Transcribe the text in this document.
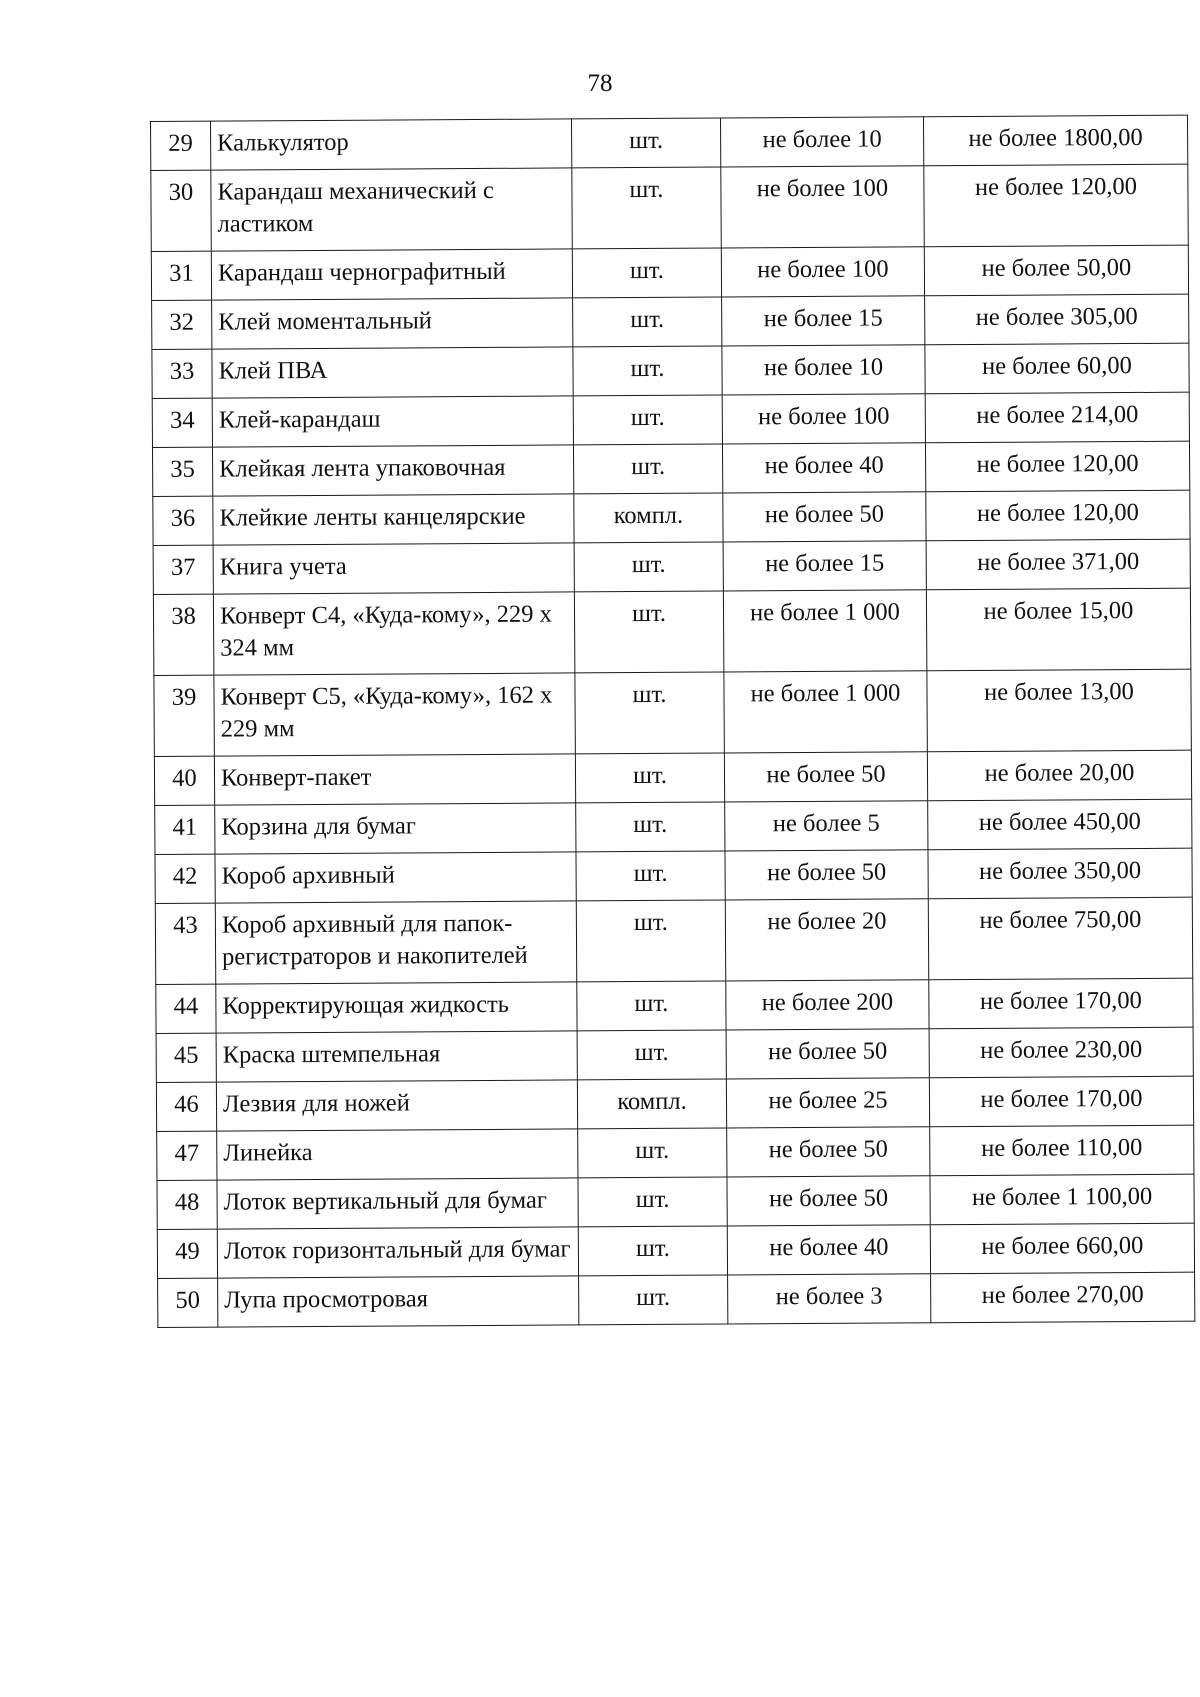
78
29	Калькулятор	шт.	не более 10	не более 1800,00
30	Карандаш механический с ластиком	шт.	не более 100	не более 120,00
31	Карандаш чернографитный	шт.	не более 100	не более 50,00
32	Клей моментальный	шт.	не более 15	не более 305,00
33	Клей ПВА	шт.	не более 10	не более 60,00
34	Клей-карандаш	шт.	не более 100	не более 214,00
35	Клейкая лента упаковочная	шт.	не более 40	не более 120,00
36	Клейкие ленты канцелярские	компл.	не более 50	не более 120,00
37	Книга учета	шт.	не более 15	не более 371,00
38	Конверт С4, «Куда-кому», 229 х 324 мм	шт.	не более 1 000	не более 15,00
39	Конверт С5, «Куда-кому», 162 х 229 мм	шт.	не более 1 000	не более 13,00
40	Конверт-пакет	шт.	не более 50	не более 20,00
41	Корзина для бумаг	шт.	не более 5	не более 450,00
42	Короб архивный	шт.	не более 50	не более 350,00
43	Короб архивный для папок-регистраторов и накопителей	шт.	не более 20	не более 750,00
44	Корректирующая жидкость	шт.	не более 200	не более 170,00
45	Краска штемпельная	шт.	не более 50	не более 230,00
46	Лезвия для ножей	компл.	не более 25	не более 170,00
47	Линейка	шт.	не более 50	не более 110,00
48	Лоток вертикальный для бумаг	шт.	не более 50	не более 1 100,00
49	Лоток горизонтальный для бумаг	шт.	не более 40	не более 660,00
50	Лупа просмотровая	шт.	не более 3	не более 270,00
